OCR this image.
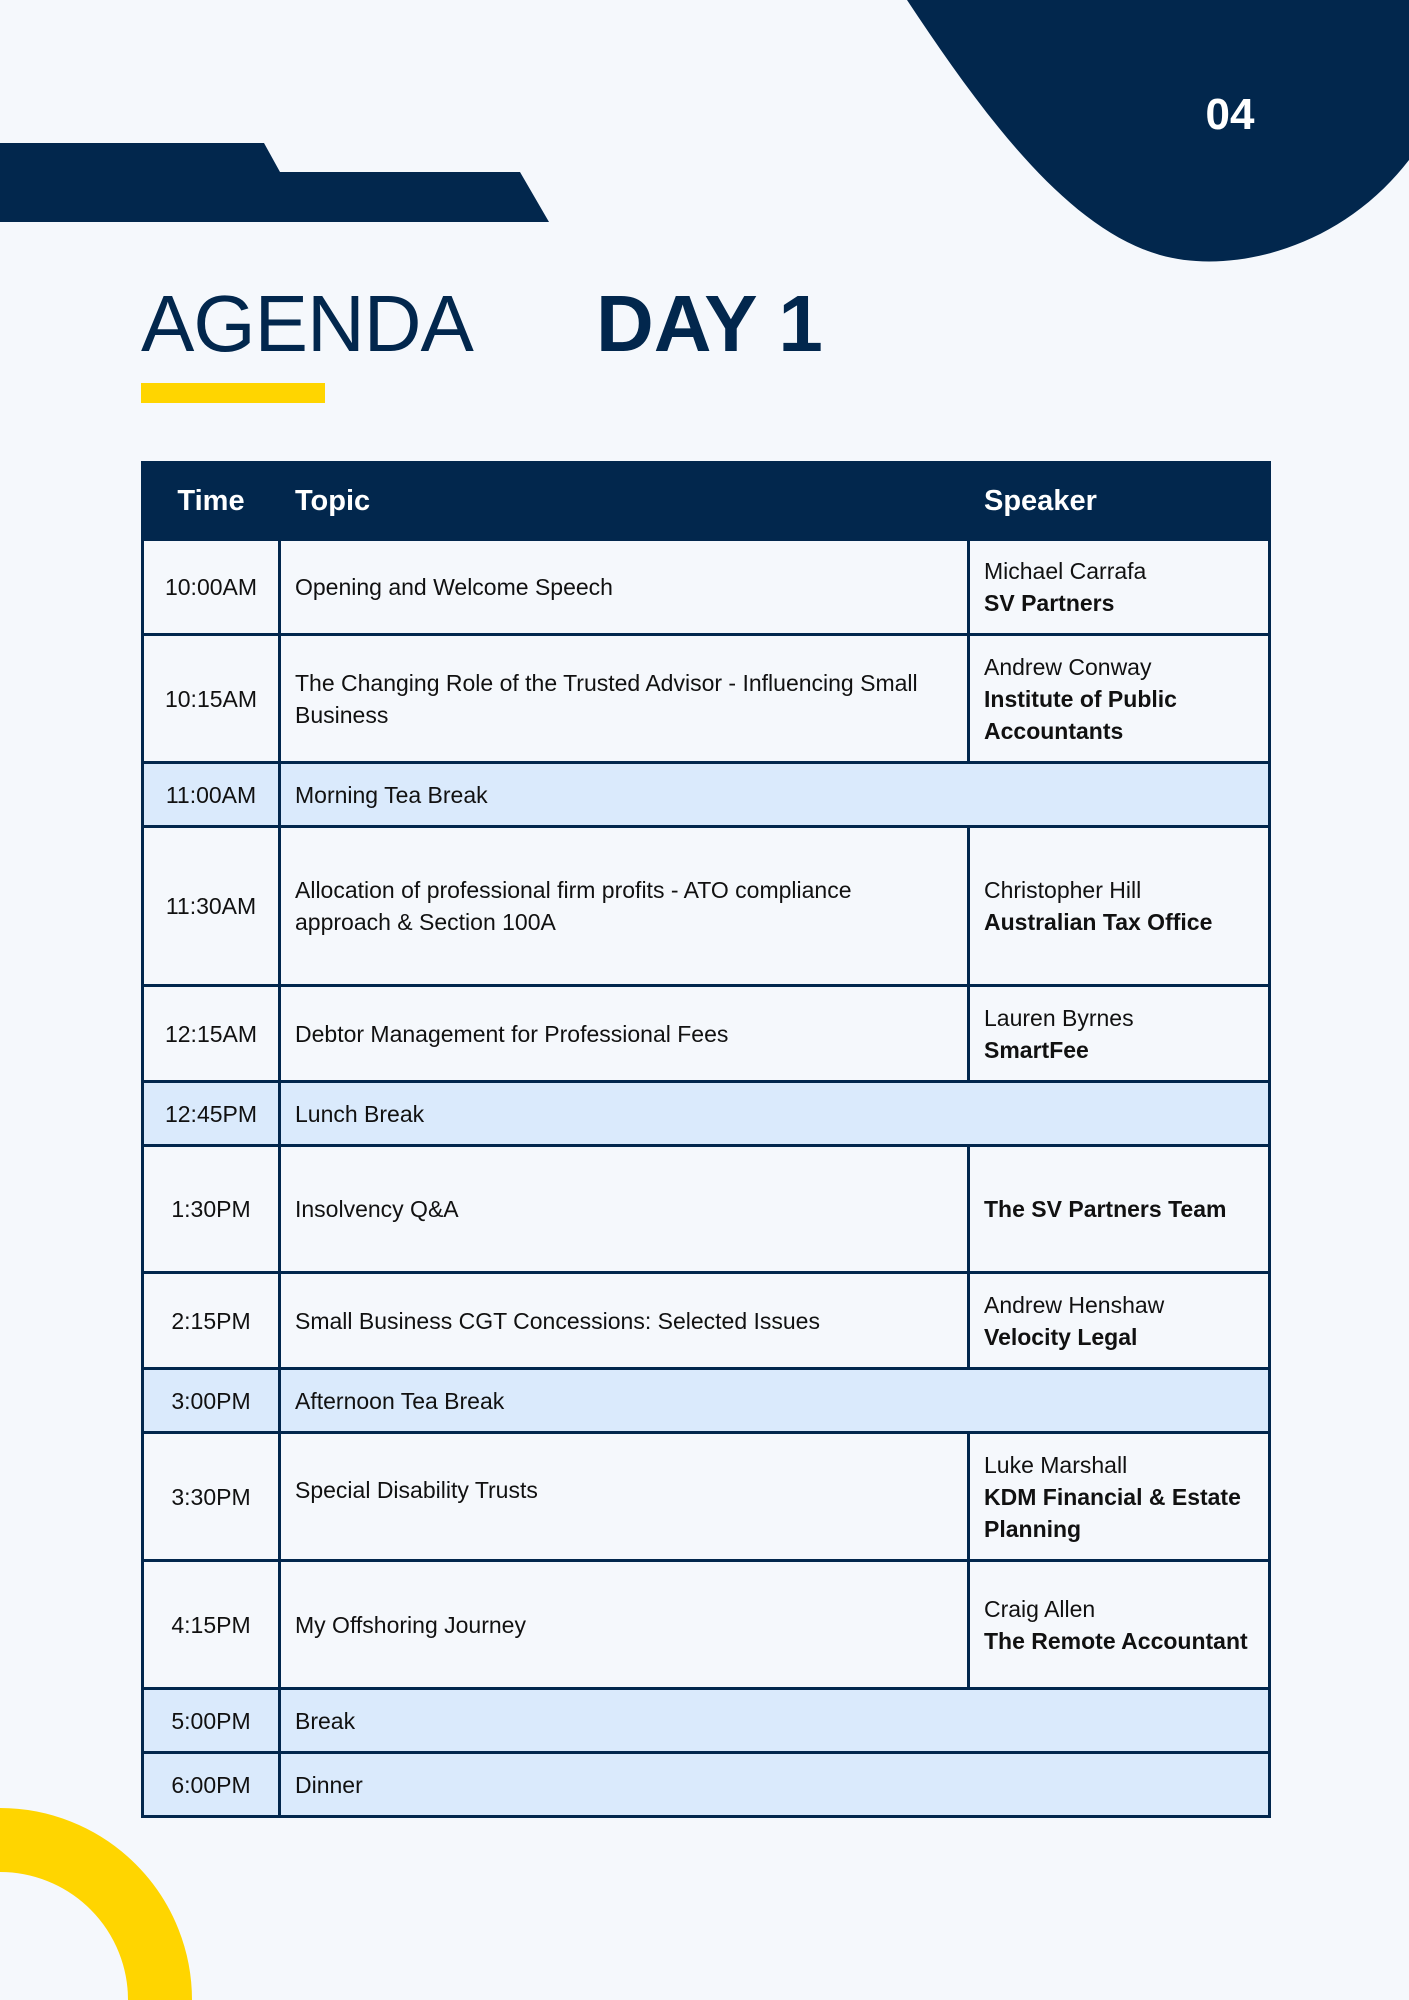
04
AGENDA DAY 1
Time	Topic	Speaker
10:00AM	Opening and Welcome Speech	Michael Carrafa
SV Partners

10:15AM	The Changing Role of the Trusted Advisor - Influencing Small Business	Andrew Conway
Institute of Public Accountants

11:00AM	Morning Tea Break	
11:30AM	Allocation of professional firm profits - ATO compliance approach & Section 100A	Christopher Hill
Australian Tax Office

12:15AM	Debtor Management for Professional Fees	Lauren Byrnes
SmartFee

12:45PM	Lunch Break	
1:30PM	Insolvency Q&A	The SV Partners Team

2:15PM	Small Business CGT Concessions: Selected Issues	Andrew Henshaw
Velocity Legal

3:00PM	Afternoon Tea Break	
3:30PM	Special Disability Trusts	Luke Marshall
KDM Financial & Estate Planning

4:15PM	My Offshoring Journey	Craig Allen
The Remote Accountant

5:00PM	Break	
6:00PM	Dinner	
